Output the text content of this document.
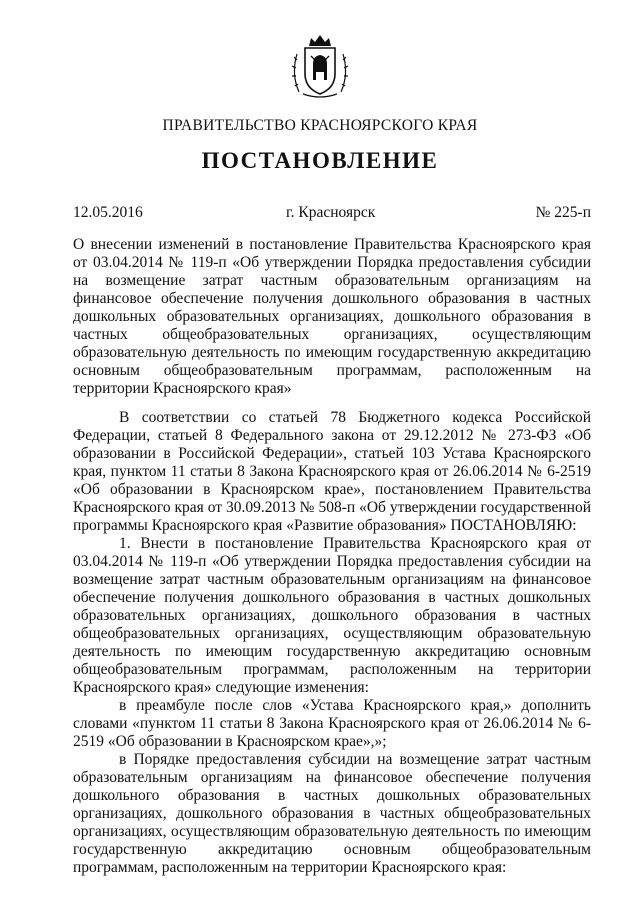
ПРАВИТЕЛЬСТВО КРАСНОЯРСКОГО КРАЯ
ПОСТАНОВЛЕНИЕ
12.05.2016	г. Красноярск	№ 225-п
О внесении изменений в постановление Правительства Красноярского края от 03.04.2014 № 119-п «Об утверждении Порядка предоставления субсидии на возмещение затрат частным образовательным организациям на финансовое обеспечение получения дошкольного образования в частных дошкольных образовательных организациях, дошкольного образования в частных общеобразовательных организациях, осуществляющим образовательную деятельность по имеющим государственную аккредитацию основным общеобразовательным программам, расположенным на территории Красноярского края»

В соответствии со статьей 78 Бюджетного кодекса Российской Федерации, статьей 8 Федерального закона от 29.12.2012 № 273-ФЗ «Об образовании в Российской Федерации», статьей 103 Устава Красноярского края, пунктом 11 статьи 8 Закона Красноярского края от 26.06.2014 № 6-2519 «Об образовании в Красноярском крае», постановлением Правительства Красноярского края от 30.09.2013 № 508-п «Об утверждении государственной программы Красноярского края «Развитие образования» ПОСТАНОВЛЯЮ:

1. Внести в постановление Правительства Красноярского края от 03.04.2014 № 119-п «Об утверждении Порядка предоставления субсидии на возмещение затрат частным образовательным организациям на финансовое обеспечение получения дошкольного образования в частных дошкольных образовательных организациях, дошкольного образования в частных общеобразовательных организациях, осуществляющим образовательную деятельность по имеющим государственную аккредитацию основным общеобразовательным программам, расположенным на территории Красноярского края» следующие изменения:

в преамбуле после слов «Устава Красноярского края,» дополнить словами «пунктом 11 статьи 8 Закона Красноярского края от 26.06.2014 № 6-2519 «Об образовании в Красноярском крае»,»;

в Порядке предоставления субсидии на возмещение затрат частным образовательным организациям на финансовое обеспечение получения дошкольного образования в частных дошкольных образовательных организациях, дошкольного образования в частных общеобразовательных организациях, осуществляющим образовательную деятельность по имеющим государственную аккредитацию основным общеобразовательным программам, расположенным на территории Красноярского края:
